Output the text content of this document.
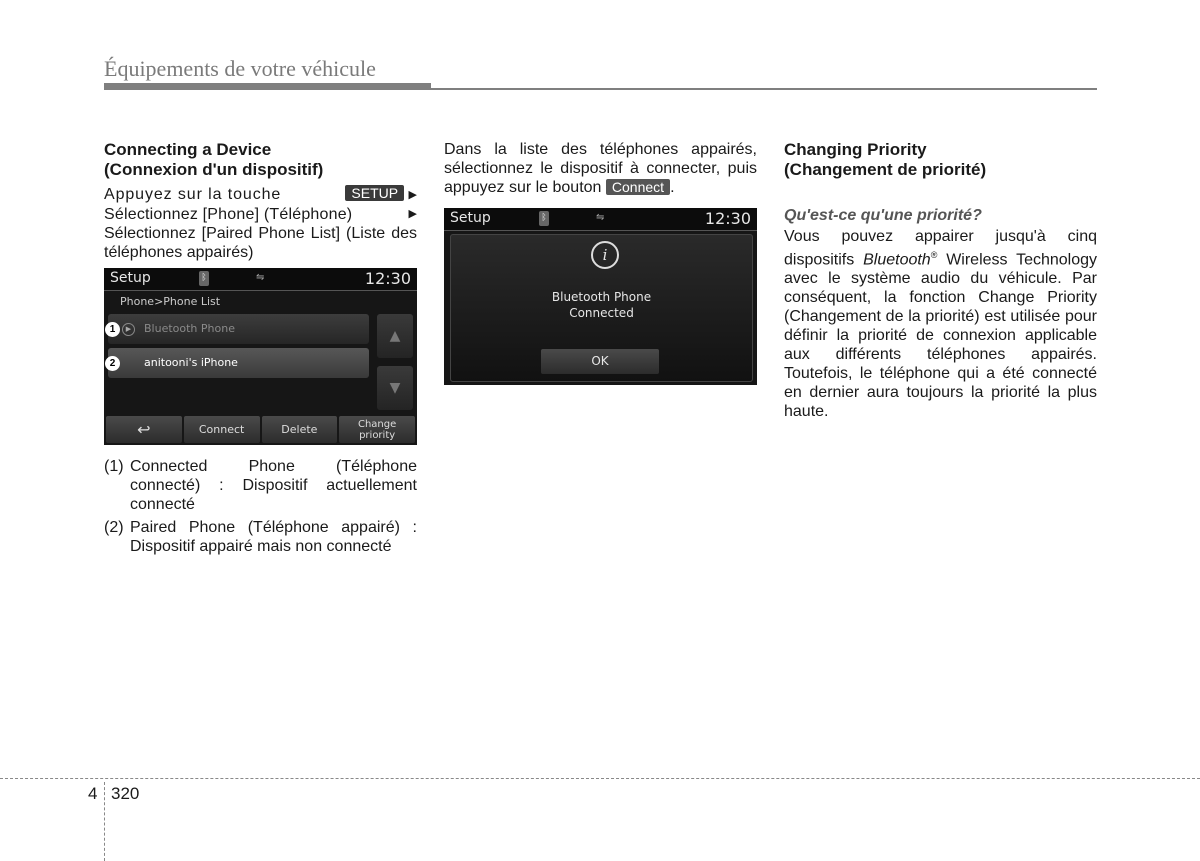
Équipements de votre véhicule
Connecting a Device
(Connexion d'un dispositif)
Appuyez sur la touche	SETUP ▶
Sélectionnez [Phone] (Téléphone)	▶
Sélectionnez [Paired Phone List] (Liste des téléphones appairés)
Setup	ᛒ	⇋	12:30
Phone>Phone List
Bluetooth Phone
▶
anitooni's iPhone
1
2
▲
▼
↩	Connect	Delete	Change priority
(1) Connected Phone (Téléphone connecté) : Dispositif actuellement connecté
(2) Paired Phone (Téléphone appairé) : Dispositif appairé mais non connecté
Dans la liste des téléphones appairés, sélectionnez le dispositif à connecter, puis appuyez sur le bouton Connect .
Setup	ᛒ	⇋	12:30
i
Bluetooth Phone
Connected
OK
Changing Priority
(Changement de priorité)
Qu'est-ce qu'une priorité?
Vous pouvez appairer jusqu'à cinq dispositifs Bluetooth® Wireless Technology avec le système audio du véhicule. Par conséquent, la fonction Change Priority (Changement de la priorité) est utilisée pour définir la priorité de connexion applicable aux différents téléphones appairés. Toutefois, le téléphone qui a été connecté en dernier aura toujours la priorité la plus haute.
4 320
